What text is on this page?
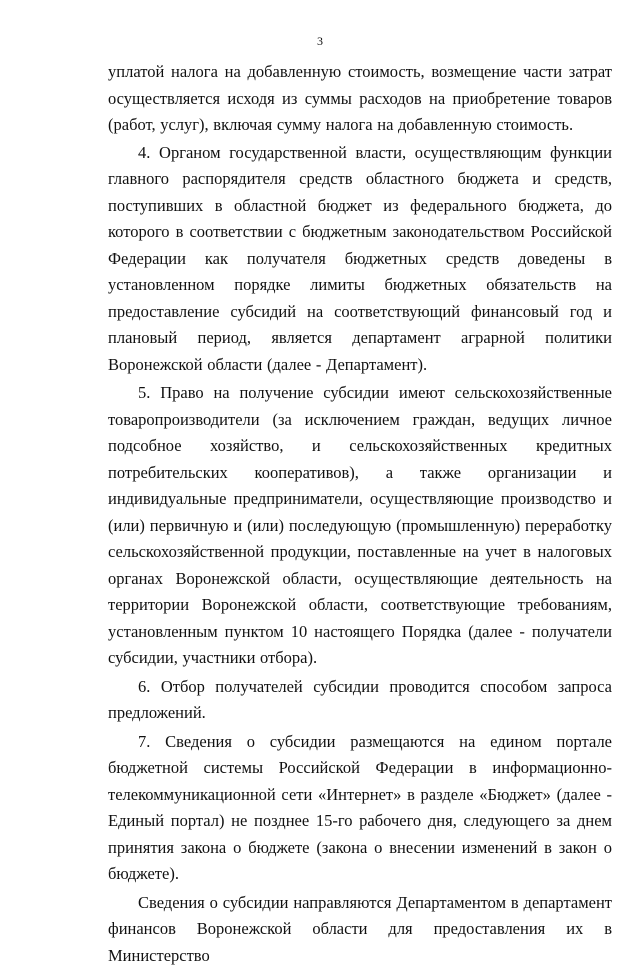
3

уплатой налога на добавленную стоимость, возмещение части затрат осуществляется исходя из суммы расходов на приобретение товаров (работ, услуг), включая сумму налога на добавленную стоимость.

4. Органом государственной власти, осуществляющим функции главного распорядителя средств областного бюджета и средств, поступивших в областной бюджет из федерального бюджета, до которого в соответствии с бюджетным законодательством Российской Федерации как получателя бюджетных средств доведены в установленном порядке лимиты бюджетных обязательств на предоставление субсидий на соответствующий финансовый год и плановый период, является департамент аграрной политики Воронежской области (далее - Департамент).

5. Право на получение субсидии имеют сельскохозяйственные товаропроизводители (за исключением граждан, ведущих личное подсобное хозяйство, и сельскохозяйственных кредитных потребительских кооперативов), а также организации и индивидуальные предприниматели, осуществляющие производство и (или) первичную и (или) последующую (промышленную) переработку сельскохозяйственной продукции, поставленные на учет в налоговых органах Воронежской области, осуществляющие деятельность на территории Воронежской области, соответствующие требованиям, установленным пунктом 10 настоящего Порядка (далее - получатели субсидии, участники отбора).

6. Отбор получателей субсидии проводится способом запроса предложений.

7. Сведения о субсидии размещаются на едином портале бюджетной системы Российской Федерации в информационно-телекоммуникационной сети «Интернет» в разделе «Бюджет» (далее - Единый портал) не позднее 15-го рабочего дня, следующего за днем принятия закона о бюджете (закона о внесении изменений в закон о бюджете).

Сведения о субсидии направляются Департаментом в департамент финансов Воронежской области для предоставления их в Министерство
